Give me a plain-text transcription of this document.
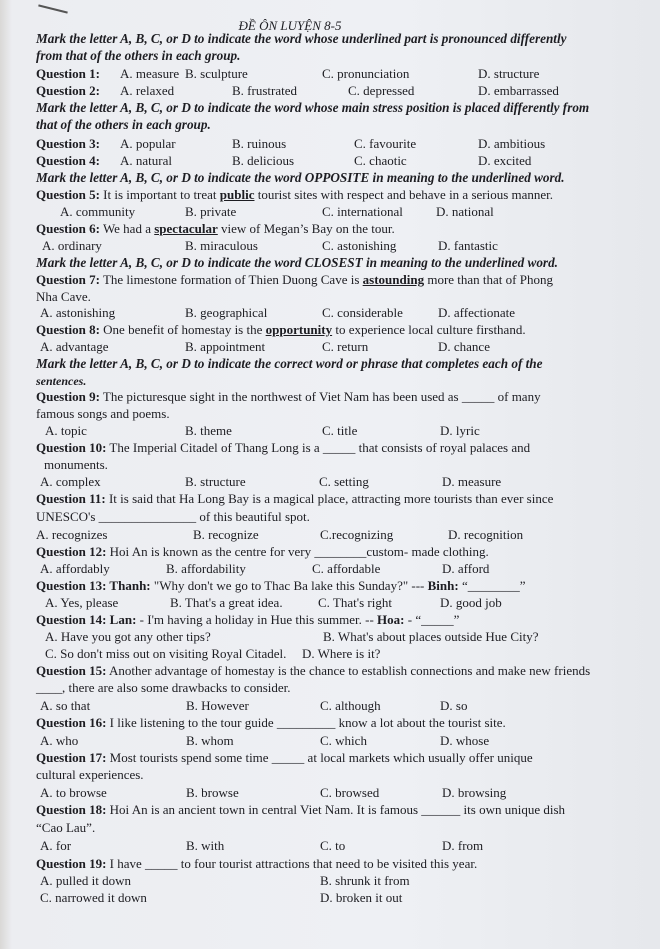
ĐỀ ÔN LUYỆN 8-5
Mark the letter A, B, C, or D to indicate the word whose underlined part is pronounced differently
from that of the others in each group.
Question 1: A. measure B. sculpture	C. pronunciation	D. structure
Question 2: A. relaxed	B. frustrated	C. depressed	D. embarrassed
Mark the letter A, B, C, or D to indicate the word whose main stress position is placed differently from
that of the others in each group.
Question 3: A. popular	B. ruinous	C. favourite	D. ambitious
Question 4: A. natural	B. delicious	C. chaotic	D. excited
Mark the letter A, B, C, or D to indicate the word OPPOSITE in meaning to the underlined word.
Question 5: It is important to treat public tourist sites with respect and behave in a serious manner.
A. community	B. private	C. international	D. national
Question 6: We had a spectacular view of Megan’s Bay on the tour.
A. ordinary	B. miraculous	C. astonishing	D. fantastic
Mark the letter A, B, C, or D to indicate the word CLOSEST in meaning to the underlined word.
Question 7: The limestone formation of Thien Duong Cave is astounding more than that of Phong
Nha Cave.
A. astonishing	B. geographical	C. considerable	D. affectionate
Question 8: One benefit of homestay is the opportunity to experience local culture firsthand.
A. advantage	B. appointment	C. return	D. chance
Mark the letter A, B, C, or D to indicate the correct word or phrase that completes each of the
sentences.
Question 9: The picturesque sight in the northwest of Viet Nam has been used as _____ of many
famous songs and poems.
A. topic	B. theme	C. title	D. lyric
Question 10: The Imperial Citadel of Thang Long is a _____ that consists of royal palaces and
monuments.
A. complex	B. structure	C. setting	D. measure
Question 11: It is said that Ha Long Bay is a magical place, attracting more tourists than ever since
UNESCO's _______________ of this beautiful spot.
A. recognizes	B. recognize	C.recognizing	D. recognition
Question 12: Hoi An is known as the centre for very ________custom- made clothing.
A. affordably	B. affordability	C. affordable	D. afford
Question 13: Thanh: "Why don't we go to Thac Ba lake this Sunday?" --- Binh: “________”
A. Yes, please	B. That's a great idea.	C. That's right	D. good job
Question 14: Lan: - I'm having a holiday in Hue this summer. -- Hoa: - “_____”
A. Have you got any other tips?	B. What's about places outside Hue City?
C. So don't miss out on visiting Royal Citadel. D. Where is it?
Question 15: Another advantage of homestay is the chance to establish connections and make new friends
____, there are also some drawbacks to consider.
A. so that	B. However	C. although	D. so
Question 16: I like listening to the tour guide _________ know a lot about the tourist site.
A. who	B. whom	C. which	D. whose
Question 17: Most tourists spend some time _____ at local markets which usually offer unique
cultural experiences.
A. to browse	B. browse	C. browsed	D. browsing
Question 18: Hoi An is an ancient town in central Viet Nam. It is famous ______ its own unique dish
“Cao Lau”.
A. for	B. with	C. to	D. from
Question 19: I have _____ to four tourist attractions that need to be visited this year.
A. pulled it down	B. shrunk it from
C. narrowed it down	D. broken it out
